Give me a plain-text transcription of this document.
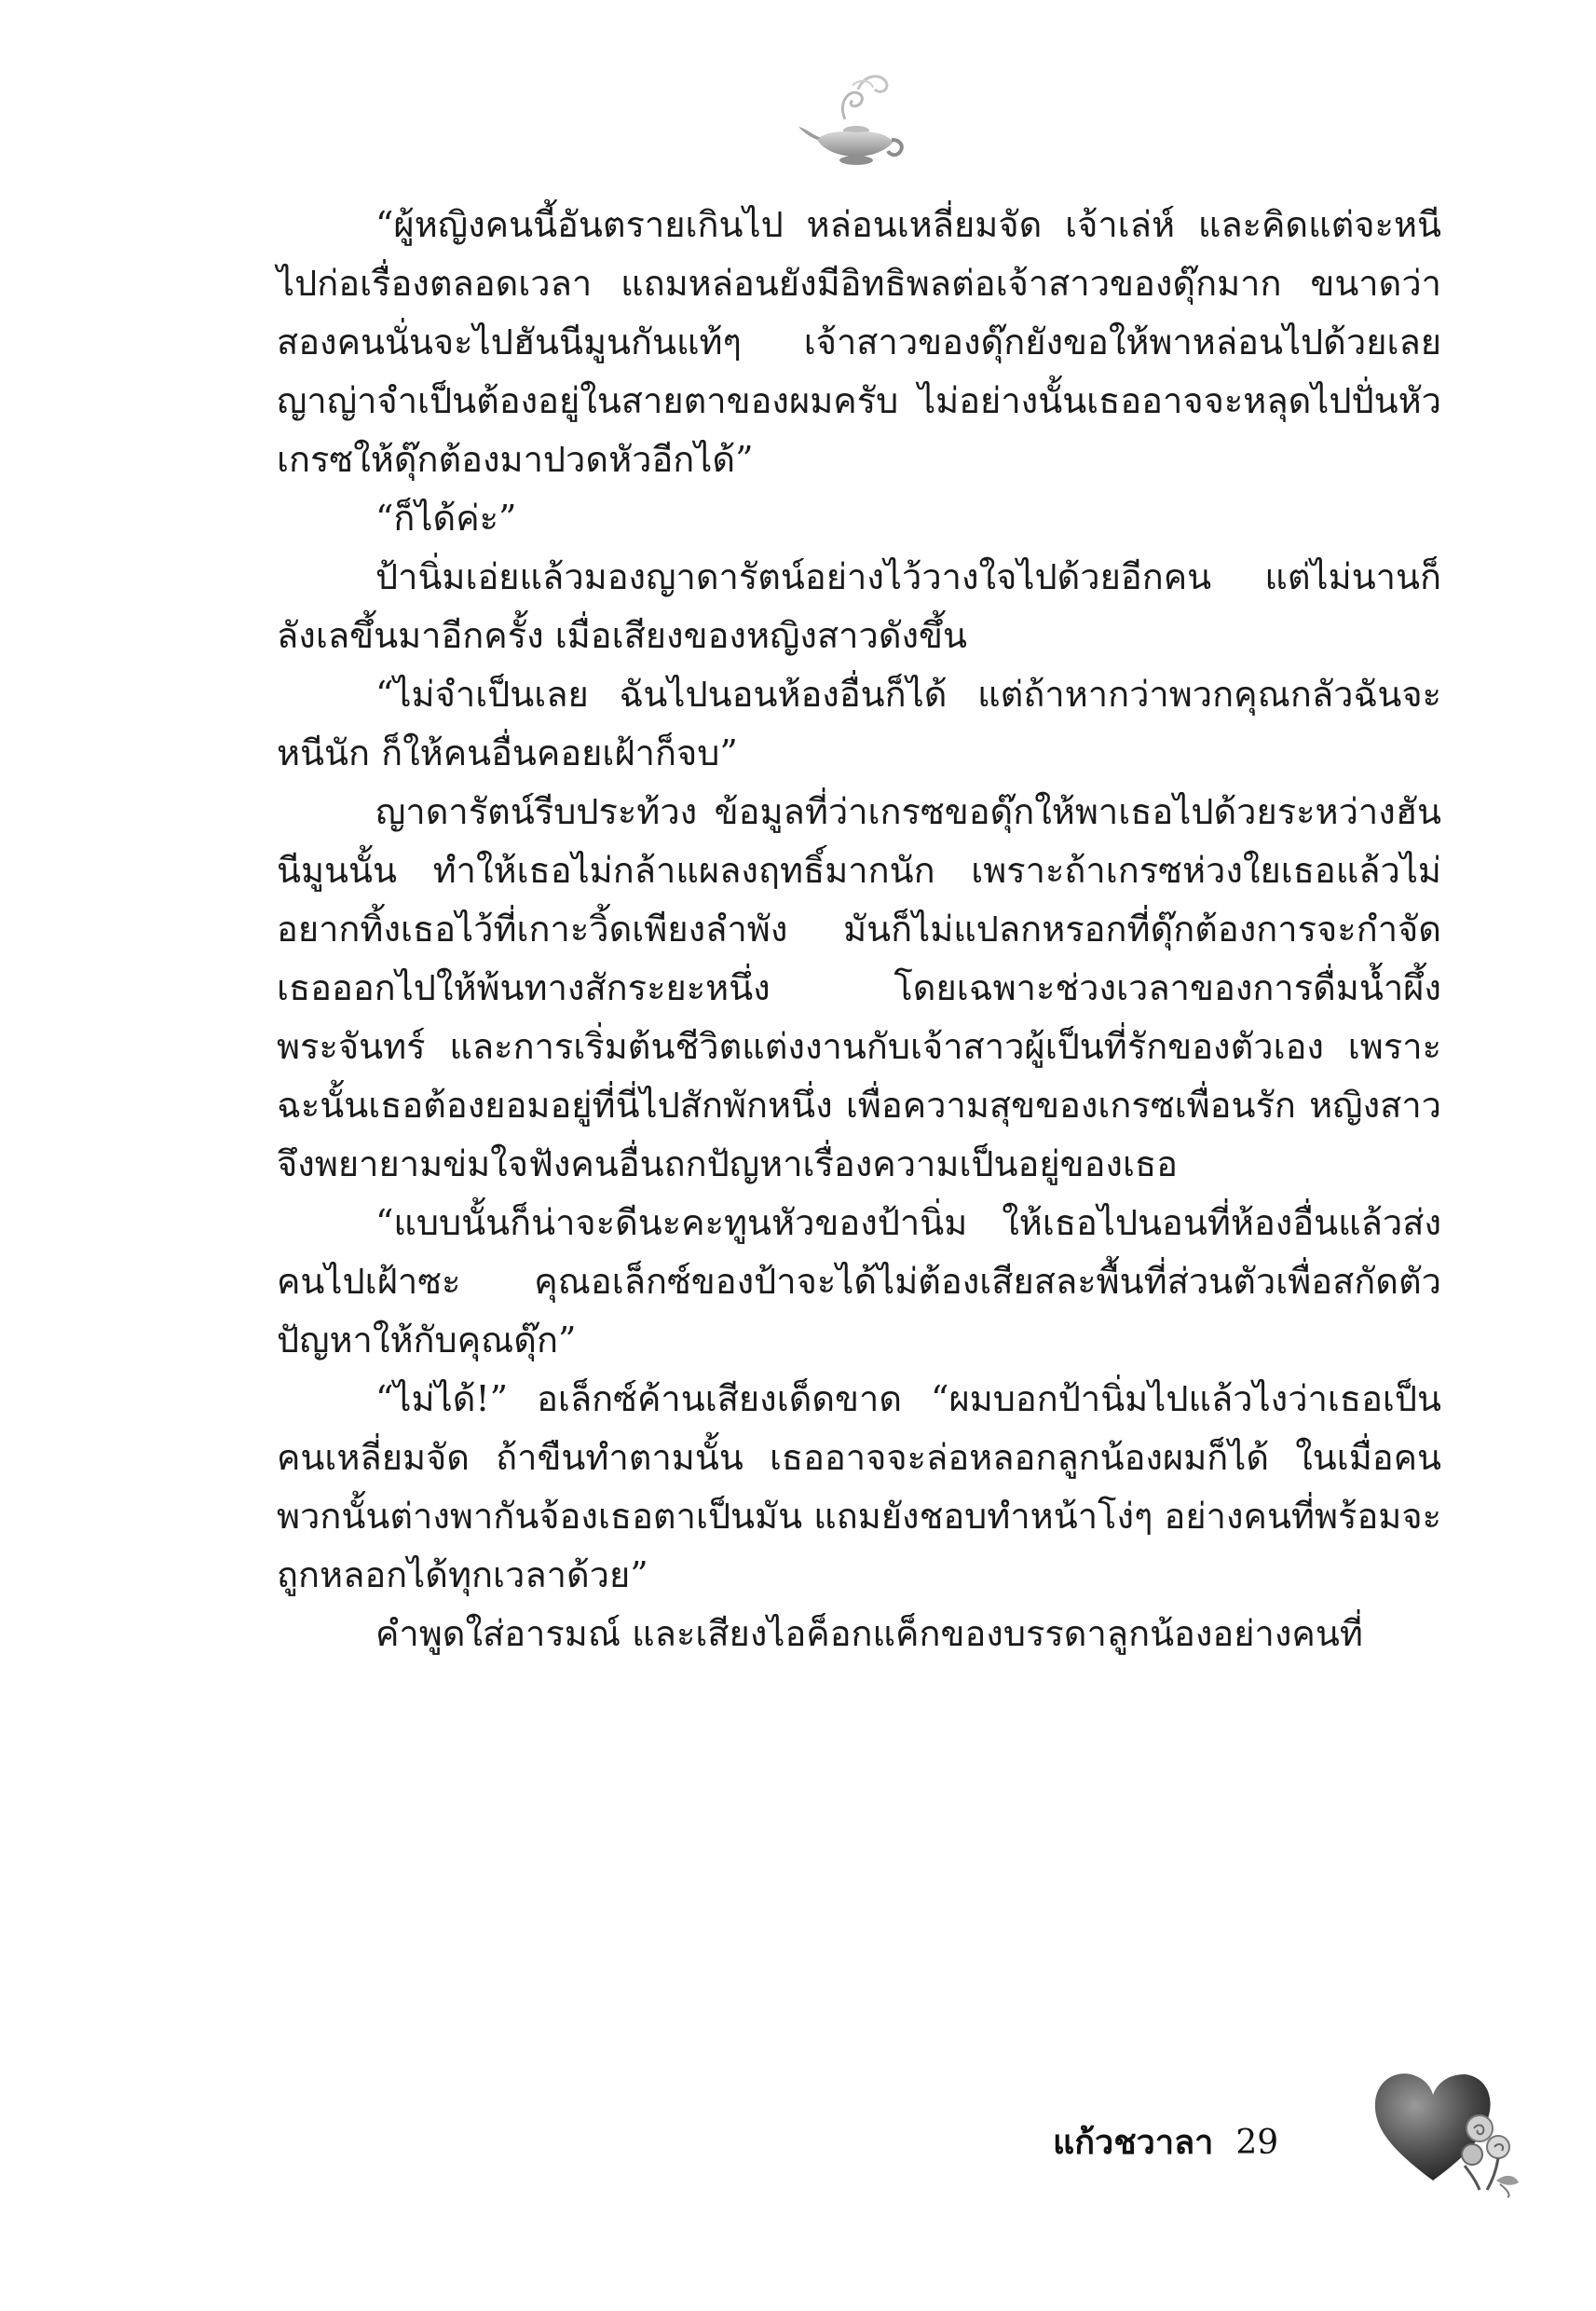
“ผู้หญิงคนนี้อันตรายเกินไป หล่อนเหลี่ยมจัด เจ้าเล่ห์ และคิดแต่จะหนีไปก่อเรื่องตลอดเวลา แถมหล่อนยังมีอิทธิพลต่อเจ้าสาวของดุ๊กมาก ขนาดว่าสองคนนั่นจะไปฮันนีมูนกันแท้ๆ เจ้าสาวของดุ๊กยังขอให้พาหล่อนไปด้วยเลย ญาญ่าจำเป็นต้องอยู่ในสายตาของผมครับ ไม่อย่างนั้นเธออาจจะหลุดไปปั่นหัวเกรซให้ดุ๊กต้องมาปวดหัวอีกได้”

“ก็ได้ค่ะ”

ป้านิ่มเอ่ยแล้วมองญาดารัตน์อย่างไว้วางใจไปด้วยอีกคน แต่ไม่นานก็ลังเลขึ้นมาอีกครั้ง เมื่อเสียงของหญิงสาวดังขึ้น

“ไม่จำเป็นเลย ฉันไปนอนห้องอื่นก็ได้ แต่ถ้าหากว่าพวกคุณกลัวฉันจะหนีนัก ก็ให้คนอื่นคอยเฝ้าก็จบ”

ญาดารัตน์รีบประท้วง ข้อมูลที่ว่าเกรซขอดุ๊กให้พาเธอไปด้วยระหว่างฮันนีมูนนั้น ทำให้เธอไม่กล้าแผลงฤทธิ์มากนัก เพราะถ้าเกรซห่วงใยเธอแล้วไม่อยากทิ้งเธอไว้ที่เกาะวิ้ดเพียงลำพัง มันก็ไม่แปลกหรอกที่ดุ๊กต้องการจะกำจัดเธอออกไปให้พ้นทางสักระยะหนึ่ง โดยเฉพาะช่วงเวลาของการดื่มน้ำผึ้งพระจันทร์ และการเริ่มต้นชีวิตแต่งงานกับเจ้าสาวผู้เป็นที่รักของตัวเอง เพราะฉะนั้นเธอต้องยอมอยู่ที่นี่ไปสักพักหนึ่ง เพื่อความสุขของเกรซเพื่อนรัก หญิงสาวจึงพยายามข่มใจฟังคนอื่นถกปัญหาเรื่องความเป็นอยู่ของเธอ

“แบบนั้นก็น่าจะดีนะคะทูนหัวของป้านิ่ม ให้เธอไปนอนที่ห้องอื่นแล้วส่งคนไปเฝ้าซะ คุณอเล็กซ์ของป้าจะได้ไม่ต้องเสียสละพื้นที่ส่วนตัวเพื่อสกัดตัวปัญหาให้กับคุณดุ๊ก”

“ไม่ได้!” อเล็กซ์ค้านเสียงเด็ดขาด “ผมบอกป้านิ่มไปแล้วไงว่าเธอเป็นคนเหลี่ยมจัด ถ้าขืนทำตามนั้น เธออาจจะล่อหลอกลูกน้องผมก็ได้ ในเมื่อคนพวกนั้นต่างพากันจ้องเธอตาเป็นมัน แถมยังชอบทำหน้าโง่ๆ อย่างคนที่พร้อมจะถูกหลอกได้ทุกเวลาด้วย”

คำพูดใส่อารมณ์ และเสียงไอค็อกแค็กของบรรดาลูกน้องอย่างคนที่

แก้วชวาลา 29
